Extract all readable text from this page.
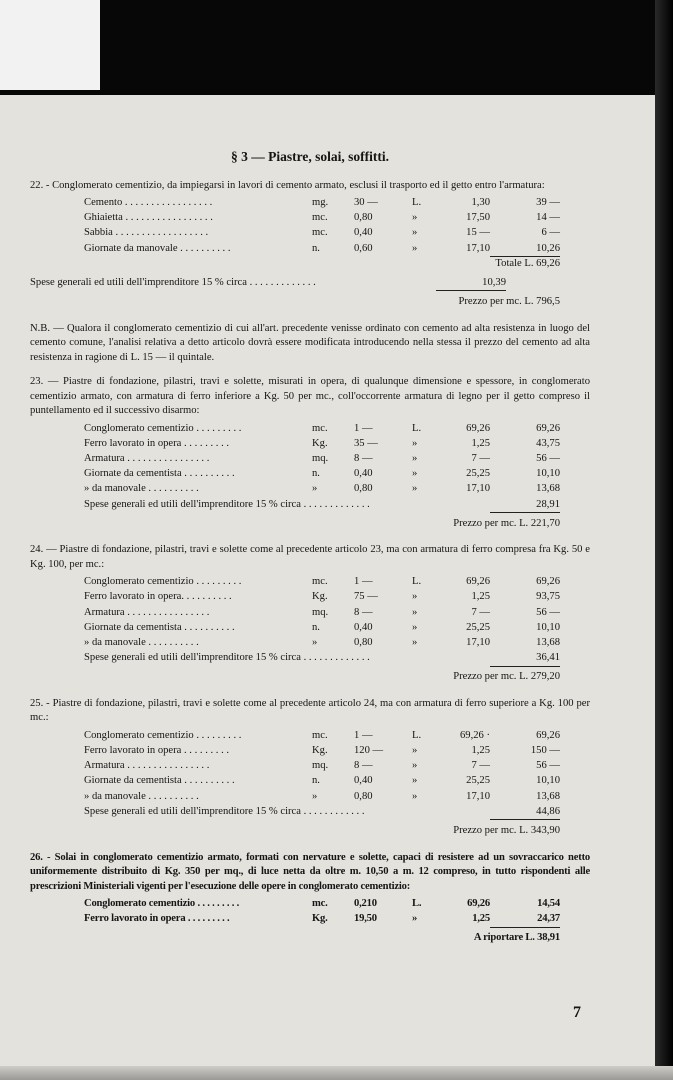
§ 3 — Piastre, solai, soffitti.

22. - Conglomerato cementizio, da impiegarsi in lavori di cemento armato, esclusi il trasporto ed il getto entro l'armatura:

Cemento . . . . . . . . . . . . . . . . .	mg.	30 —	L.	1,30	39 —
Ghiaietta . . . . . . . . . . . . . . . . .	mc.	0,80	»	17,50	14 —
Sabbia . . . . . . . . . . . . . . . . . .	mc.	0,40	»	15 —	6 —
Giornate da manovale . . . . . . . . . .	n.	0,60	»	17,10	10,26
Totale L. 69,26
Spese generali ed utili dell'imprenditore 15 % circa . . . . . . . . . . . . .	10,39
Prezzo per mc. L. 796,5

N.B. — Qualora il conglomerato cementizio di cui all'art. precedente venisse ordinato con cemento ad alta resistenza in luogo del cemento comune, l'analisi relativa a detto articolo dovrà essere modificata introducendo nella stessa il prezzo del cemento ad alta resistenza in ragione di L. 15 — il quintale.

23. — Piastre di fondazione, pilastri, travi e solette, misurati in opera, di qualunque dimensione e spessore, in conglomerato cementizio armato, con armatura di ferro inferiore a Kg. 50 per mc., coll'occorrente armatura di legno per il getto compreso il puntellamento ed il successivo disarmo:

Conglomerato cementizio . . . . . . . . .	mc.	1 —	L.	69,26	69,26
Ferro lavorato in opera . . . . . . . . .	Kg.	35 —	»	1,25	43,75
Armatura . . . . . . . . . . . . . . . .	mq.	8 —	»	7 —	56 —
Giornate da cementista . . . . . . . . . .	n.	0,40	»	25,25	10,10
» da manovale . . . . . . . . . .	»	0,80	»	17,10	13,68
Spese generali ed utili dell'imprenditore 15 % circa . . . . . . . . . . . . .	28,91
Prezzo per mc. L. 221,70

24. — Piastre di fondazione, pilastri, travi e solette come al precedente articolo 23, ma con armatura di ferro compresa fra Kg. 50 e Kg. 100, per mc.:

Conglomerato cementizio . . . . . . . . .	mc.	1 —	L.	69,26	69,26
Ferro lavorato in opera. . . . . . . . . .	Kg.	75 —	»	1,25	93,75
Armatura . . . . . . . . . . . . . . . .	mq.	8 —	»	7 —	56 —
Giornate da cementista . . . . . . . . . .	n.	0,40	»	25,25	10,10
» da manovale . . . . . . . . . .	»	0,80	»	17,10	13,68
Spese generali ed utili dell'imprenditore 15 % circa . . . . . . . . . . . . .	36,41
Prezzo per mc. L. 279,20

25. - Piastre di fondazione, pilastri, travi e solette come al precedente articolo 24, ma con armatura di ferro superiore a Kg. 100 per mc.:

Conglomerato cementizio . . . . . . . . .	mc.	1 —	L.	69,26 ·	69,26
Ferro lavorato in opera . . . . . . . . .	Kg.	120 —	»	1,25	150 —
Armatura . . . . . . . . . . . . . . . .	mq.	8 —	»	7 —	56 —
Giornate da cementista . . . . . . . . . .	n.	0,40	»	25,25	10,10
» da manovale . . . . . . . . . .	»	0,80	»	17,10	13,68
Spese generali ed utili dell'imprenditore 15 % circa . . . . . . . . . . . .	44,86
Prezzo per mc. L. 343,90

26. - Solai in conglomerato cementizio armato, formati con nervature e solette, capaci di resistere ad un sovraccarico netto uniformemente distribuito di Kg. 350 per mq., di luce netta da oltre m. 10,50 a m. 12 compreso, in tutto rispondenti alle prescrizioni Ministeriali vigenti per l'esecuzione delle opere in conglomerato cementizio:

Conglomerato cementizio . . . . . . . . .	mc.	0,210	L.	69,26	14,54
Ferro lavorato in opera . . . . . . . . .	Kg.	19,50	»	1,25	24,37
A riportare L. 38,91
7
